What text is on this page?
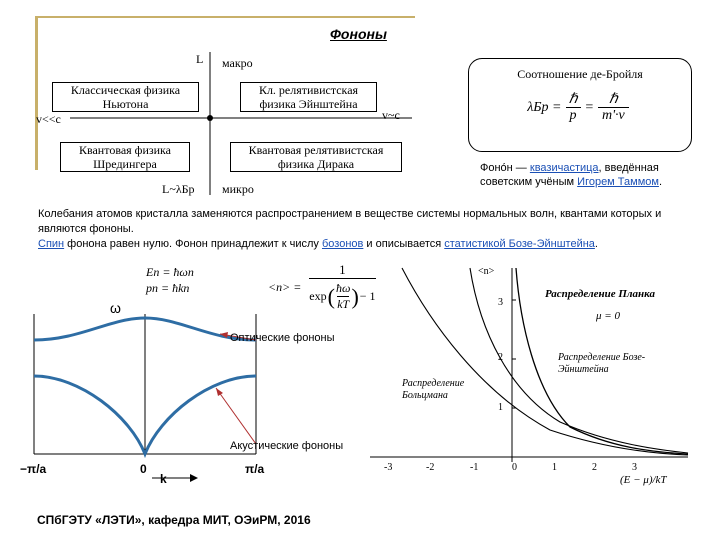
Фононы
L макро
v<<c	v~c
L~λБр микро
Классическая физика Ньютона
Кл. релятивистская физика Эйнштейна
Квантовая физика Шредингера
Квантовая релятивистская физика Дирака
Соотношение де-Бройля
λБр =
ℏ
p
=
ℏ
m'·v
Фоно́н — квазичастица, введённая советским учёным Игорем Таммом.
Колебания атомов кристалла заменяются распространением в веществе системы нормальных волн, квантами которых и являются фононы.
Спин фонона равен нулю. Фонон принадлежит к числу бозонов и описывается статистикой Бозе-Эйнштейна.
En = ħωn
pn = ħkn	<n> =
1
exp ( ħω
kT ) − 1
ω
Оптические фононы
Акустические фононы
−π/a	0	π/a
k
<n>
Распределение Планка
μ = 0
Распределение Бозе-Эйнштейна
Распределение Больцмана
3
2
1
-3	-2	-1	0	1	2	3
(E − μ)/kT
СПбГЭТУ «ЛЭТИ», кафедра МИТ, ОЭиРМ, 2016
